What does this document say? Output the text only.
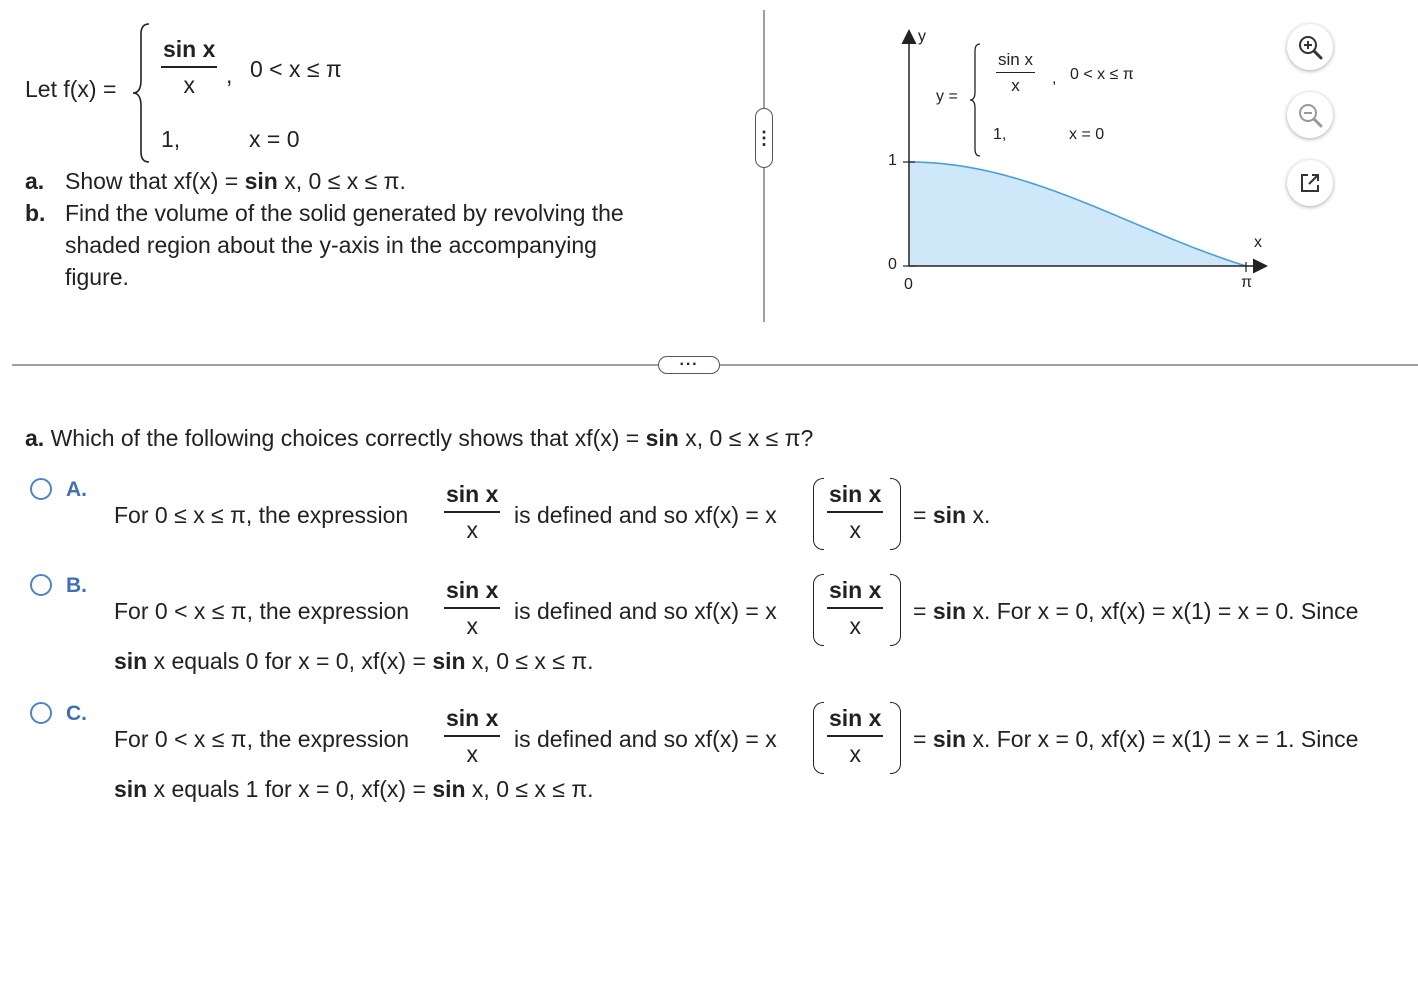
Let f(x) =
sin x
x , 0 < x ≤ π
1,	x = 0
a. Show that xf(x) = sin x, 0 ≤ x ≤ π.
b. Find the volume of the solid generated by revolving the
shaded region about the y-axis in the accompanying
figure.
⋮
y
x
1
0
0	π
y =
sin x
x , 0 < x ≤ π
1,	x = 0
···
a. Which of the following choices correctly shows that xf(x) = sin x, 0 ≤ x ≤ π?
A.
For 0 ≤ x ≤ π, the expression
sin x
x
is defined and so xf(x) = x
sin x
x
= sin x.
B.
For 0 < x ≤ π, the expression
sin x
x
is defined and so xf(x) = x
sin x
x
= sin x. For x = 0, xf(x) = x(1) = x = 0. Since
sin x equals 0 for x = 0, xf(x) = sin x, 0 ≤ x ≤ π.
C.
For 0 < x ≤ π, the expression
sin x
x
is defined and so xf(x) = x
sin x
x
= sin x. For x = 0, xf(x) = x(1) = x = 1. Since
sin x equals 1 for x = 0, xf(x) = sin x, 0 ≤ x ≤ π.
